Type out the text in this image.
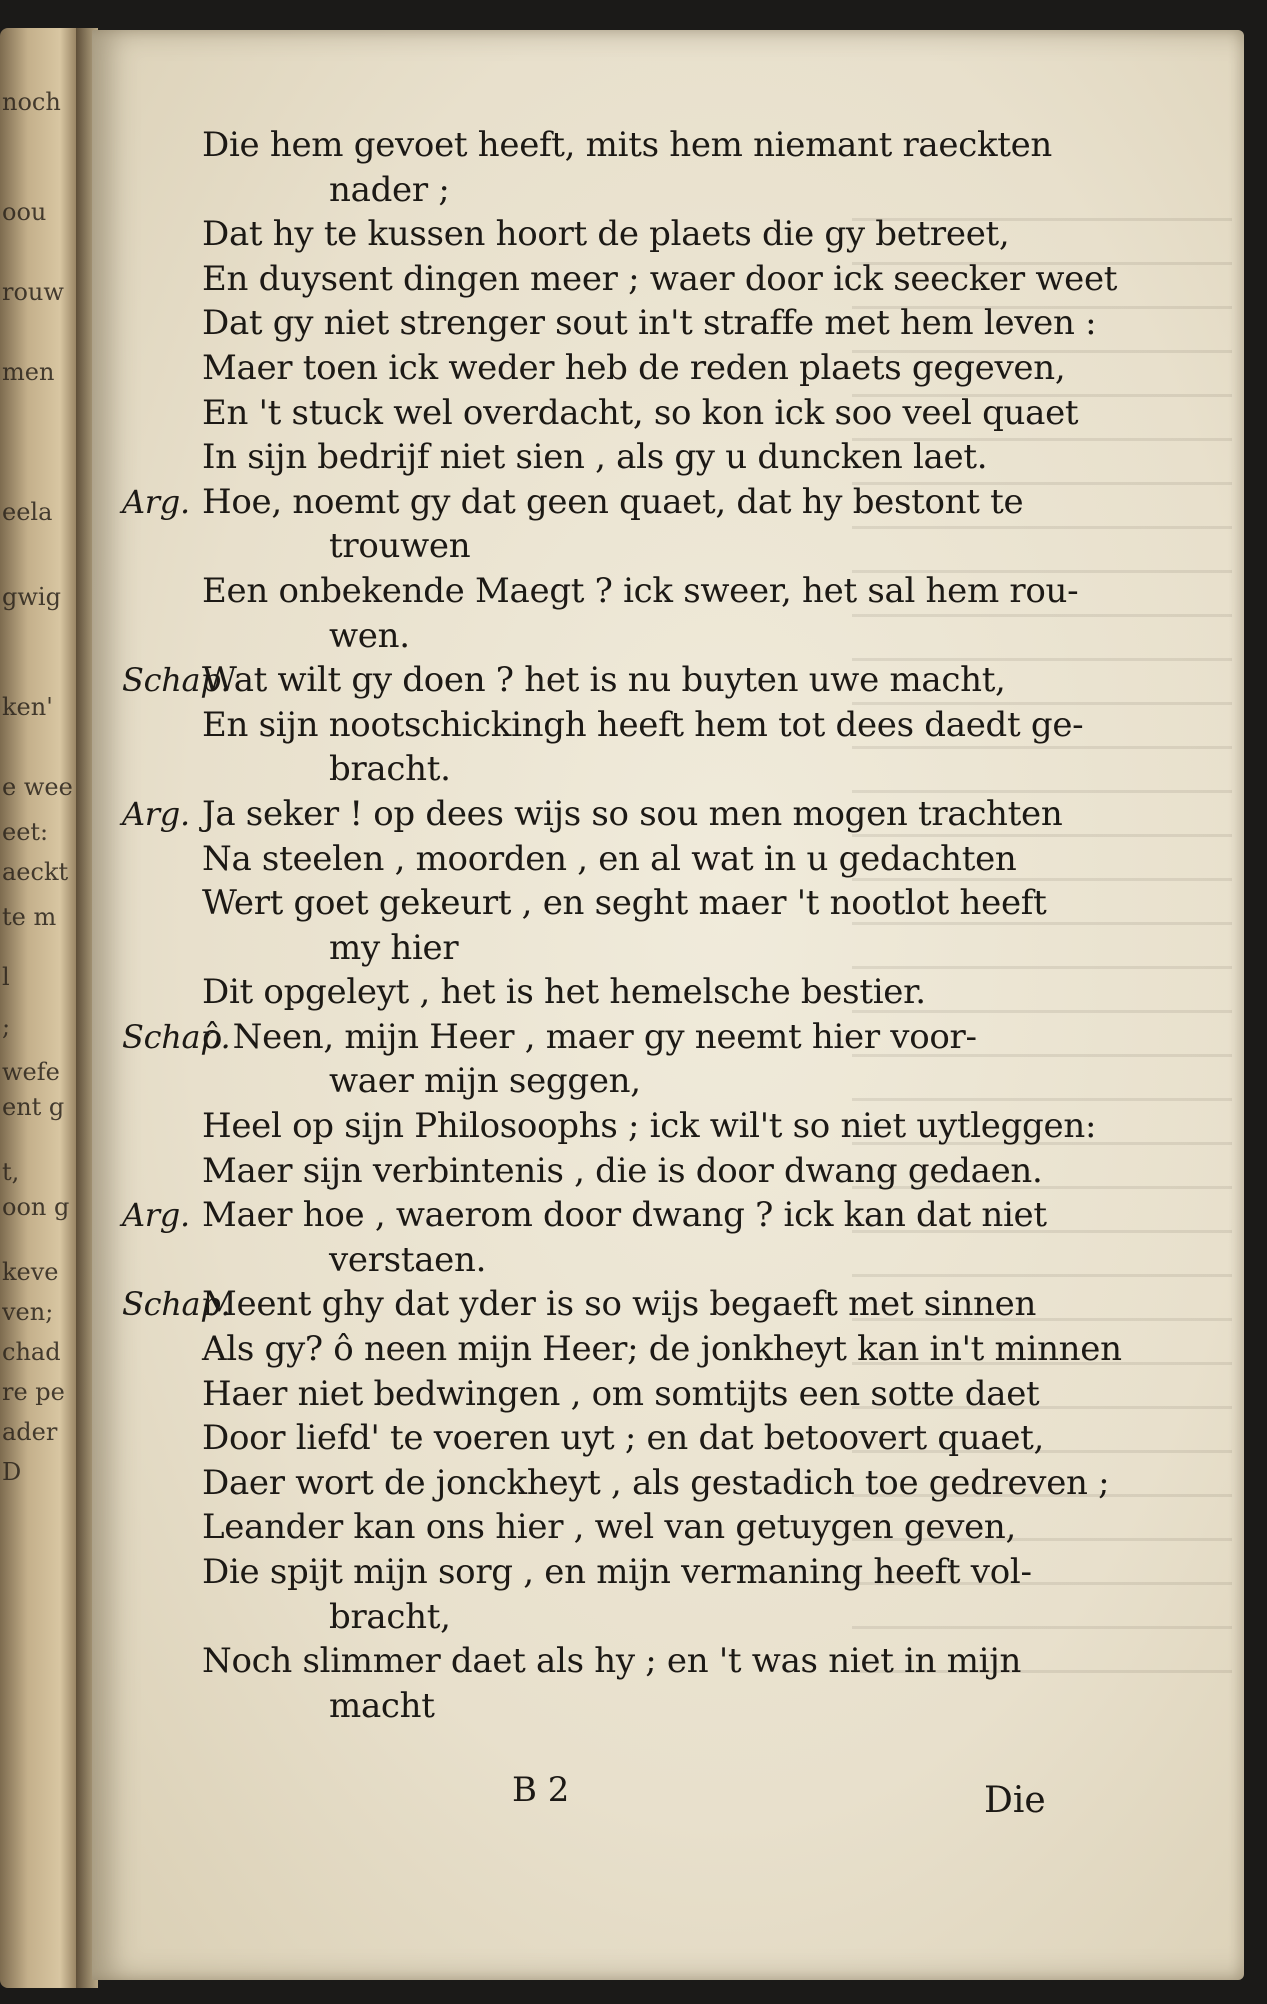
noch
oou
rouw
men
eela
gwig
ken'
e wee
eet:
aeckt
te m
l
;
wefe
ent g
t,
oon g
keve
ven;
chad
re pe
ader
D
Die hem gevoet heeft, mits hem niemant raeckten
nader ;
Dat hy te kussen hoort de plaets die gy betreet,
En duysent dingen meer ; waer door ick seecker weet
Dat gy niet strenger sout in't straffe met hem leven :
Maer toen ick weder heb de reden plaets gegeven,
En 't stuck wel overdacht, so kon ick soo veel quaet
In sijn bedrijf niet sien , als gy u duncken laet.
Arg. Hoe, noemt gy dat geen quaet, dat hy bestont te
trouwen
Een onbekende Maegt ? ick sweer, het sal hem rou-
wen.
Schap.
Wat wilt gy doen ? het is nu buyten uwe macht,
En sijn nootschickingh heeft hem tot dees daedt ge-
bracht.
Arg. Ja seker ! op dees wijs so sou men mogen trachten
Na steelen , moorden , en al wat in u gedachten
Wert goet gekeurt , en seght maer 't nootlot heeft
my hier
Dit opgeleyt , het is het hemelsche bestier.
Schap.
ô Neen, mijn Heer , maer gy neemt hier voor-
waer mijn seggen,
Heel op sijn Philosoophs ; ick wil't so niet uytleggen:
Maer sijn verbintenis , die is door dwang gedaen.
Arg. Maer hoe , waerom door dwang ? ick kan dat niet
verstaen.
Schap.
Meent ghy dat yder is so wijs begaeft met sinnen
Als gy? ô neen mijn Heer; de jonkheyt kan in't minnen
Haer niet bedwingen , om somtijts een sotte daet
Door liefd' te voeren uyt ; en dat betoovert quaet,
Daer wort de jonckheyt , als gestadich toe gedreven ;
Leander kan ons hier , wel van getuygen geven,
Die spijt mijn sorg , en mijn vermaning heeft vol-
bracht,
Noch slimmer daet als hy ; en 't was niet in mijn
macht
B 2	Die
